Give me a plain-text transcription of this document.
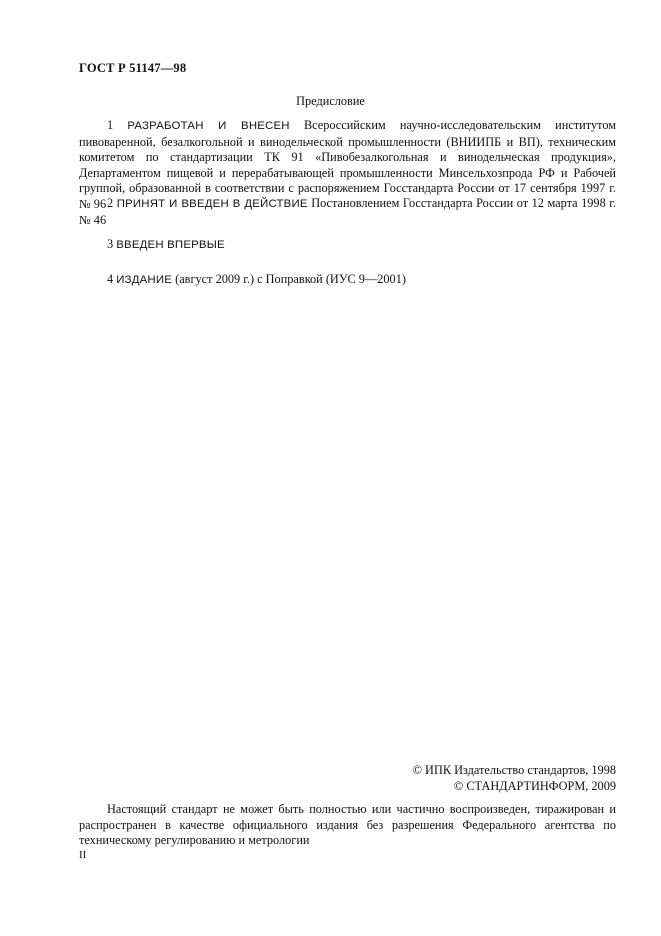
ГОСТ Р 51147—98
Предисловие
1 РАЗРАБОТАН И ВНЕСЕН Всероссийским научно-исследовательским институтом пивоваренной, безалкогольной и винодельческой промышленности (ВНИИПБ и ВП), техническим комитетом по стандартизации ТК 91 «Пивобезалкогольная и винодельческая продукция», Департаментом пищевой и перерабатывающей промышленности Минсельхозпрода РФ и Рабочей группой, образованной в соответствии с распоряжением Госстандарта России от 17 сентября 1997 г. № 96 2 ПРИНЯТ И ВВЕДЕН В ДЕЙСТВИЕ Постановлением Госстандарта России от 12 марта 1998 г. № 46
3 ВВЕДЕН ВПЕРВЫЕ
4 ИЗДАНИЕ (август 2009 г.) с Поправкой (ИУС 9—2001)
© ИПК Издательство стандартов, 1998
© СТАНДАРТИНФОРМ, 2009
Настоящий стандарт не может быть полностью или частично воспроизведен, тиражирован и распространен в качестве официального издания без разрешения Федерального агентства по техническому регулированию и метрологии
II
